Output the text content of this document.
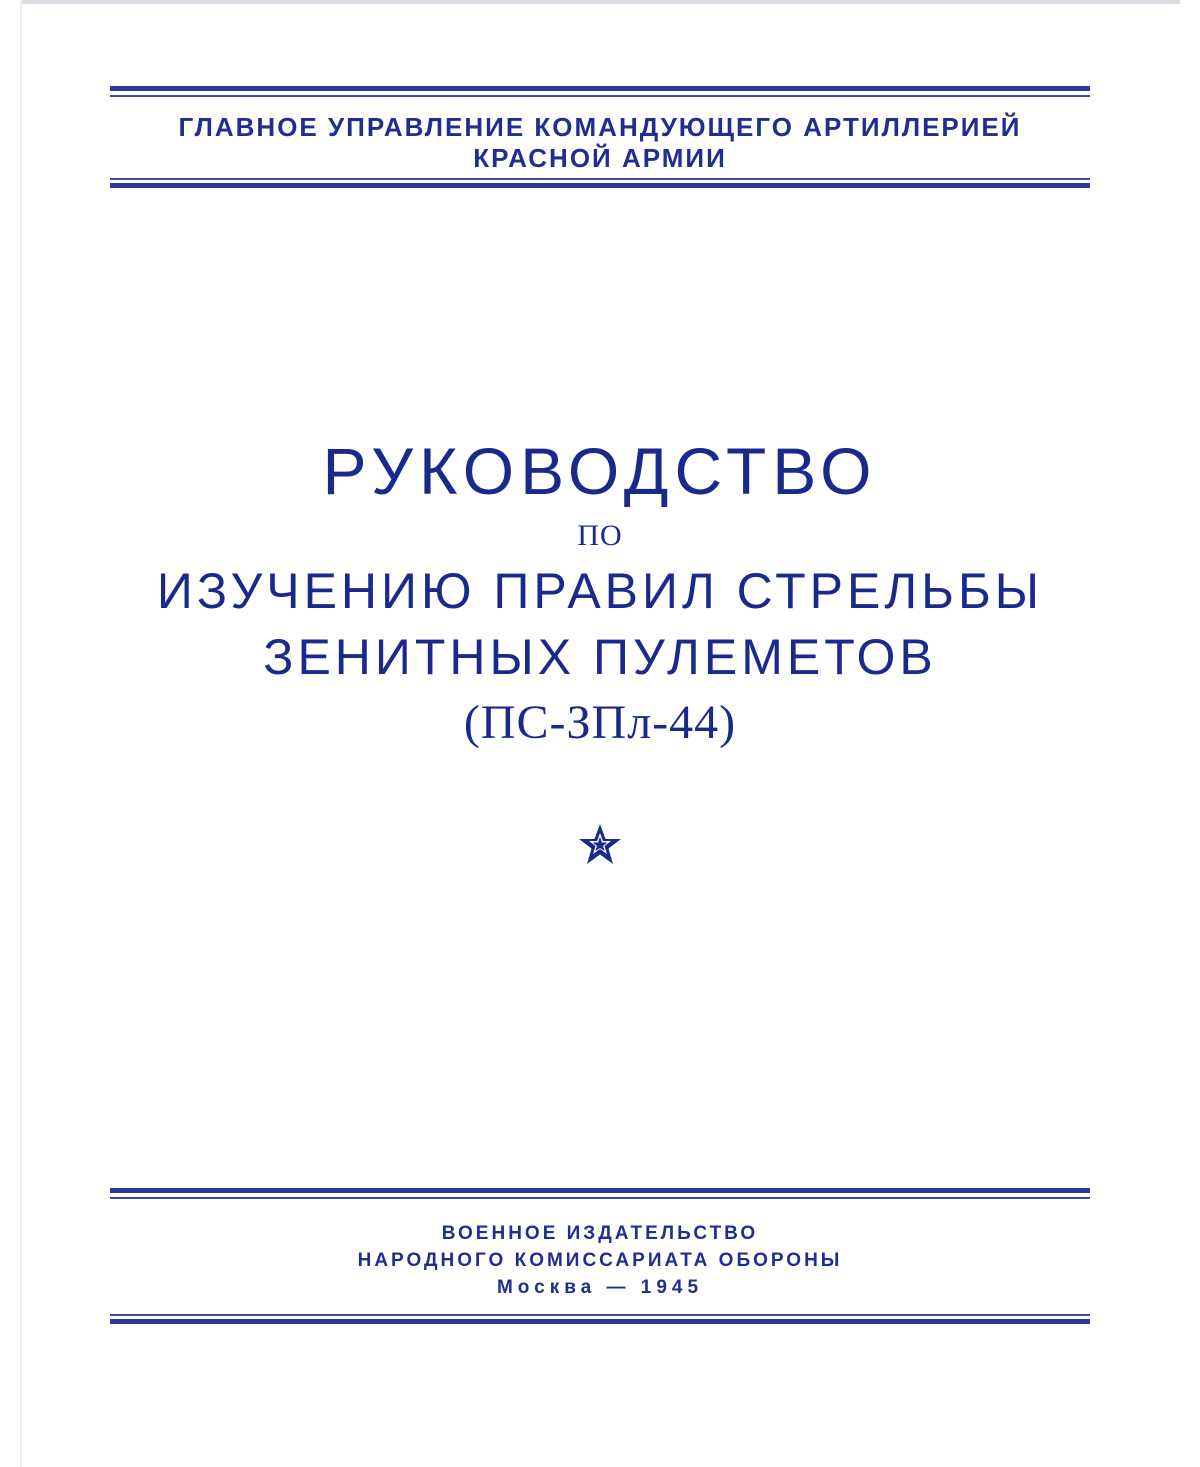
ГЛАВНОЕ УПРАВЛЕНИЕ КОМАНДУЮЩЕГО АРТИЛЛЕРИЕЙ
КРАСНОЙ АРМИИ
РУКОВОДСТВО
ПО
ИЗУЧЕНИЮ ПРАВИЛ СТРЕЛЬБЫ
ЗЕНИТНЫХ ПУЛЕМЕТОВ
(ПС-ЗПл-44)
ВОЕННОЕ ИЗДАТЕЛЬСТВО
НАРОДНОГО КОМИССАРИАТА ОБОРОНЫ
Москва — 1945
